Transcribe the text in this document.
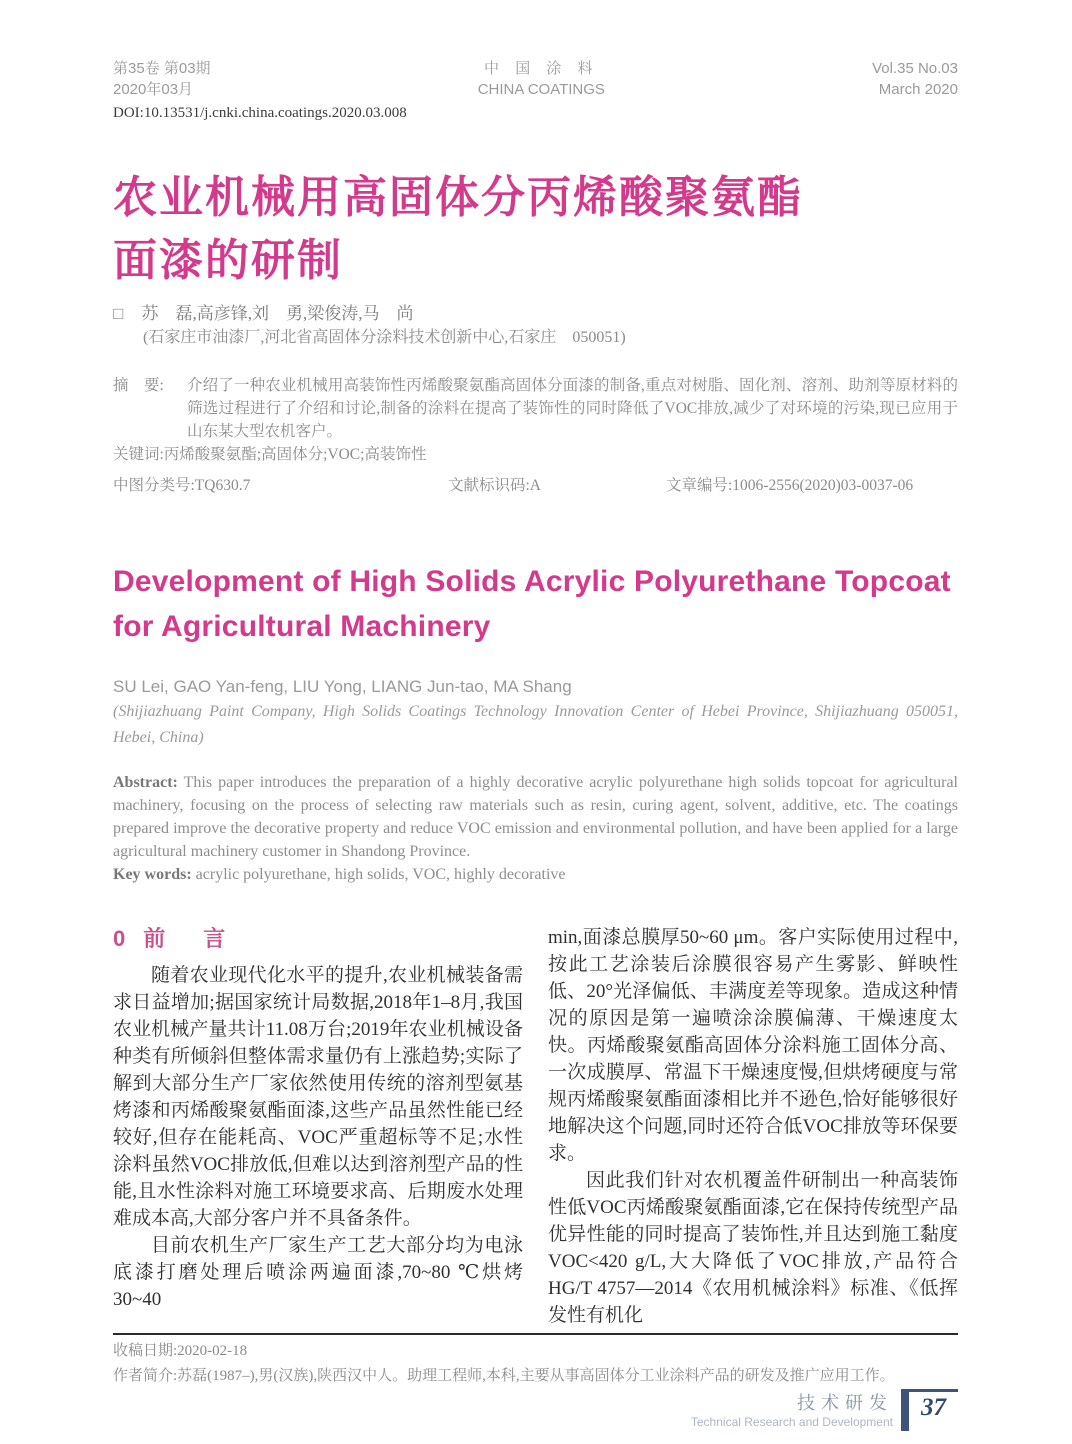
第35卷 第03期
2020年03月
中 国 涂 料
CHINA COATINGS
Vol.35 No.03
March 2020
DOI:10.13531/j.cnki.china.coatings.2020.03.008
农业机械用高固体分丙烯酸聚氨酯
面漆的研制
□ 苏　磊,高彦锋,刘　勇,梁俊涛,马　尚
(石家庄市油漆厂,河北省高固体分涂料技术创新中心,石家庄　050051)
摘　要: 介绍了一种农业机械用高装饰性丙烯酸聚氨酯高固体分面漆的制备,重点对树脂、固化剂、溶剂、助剂等原材料的筛选过程进行了介绍和讨论,制备的涂料在提高了装饰性的同时降低了VOC排放,减少了对环境的污染,现已应用于山东某大型农机客户。
关键词:丙烯酸聚氨酯;高固体分;VOC;高装饰性
中图分类号:TQ630.7	文献标识码:A	文章编号:1006-2556(2020)03-0037-06
Development of High Solids Acrylic Polyurethane Topcoat
for Agricultural Machinery
SU Lei, GAO Yan-feng, LIU Yong, LIANG Jun-tao, MA Shang
(Shijiazhuang Paint Company, High Solids Coatings Technology Innovation Center of Hebei Province, Shijiazhuang 050051, Hebei, China)
Abstract: This paper introduces the preparation of a highly decorative acrylic polyurethane high solids topcoat for agricultural machinery, focusing on the process of selecting raw materials such as resin, curing agent, solvent, additive, etc. The coatings prepared improve the decorative property and reduce VOC emission and environmental pollution, and have been applied for a large agricultural machinery customer in Shandong Province.
Key words: acrylic polyurethane, high solids, VOC, highly decorative
0 前　言

随着农业现代化水平的提升,农业机械装备需求日益增加;据国家统计局数据,2018年1–8月,我国农业机械产量共计11.08万台;2019年农业机械设备种类有所倾斜但整体需求量仍有上涨趋势;实际了解到大部分生产厂家依然使用传统的溶剂型氨基烤漆和丙烯酸聚氨酯面漆,这些产品虽然性能已经较好,但存在能耗高、VOC严重超标等不足;水性涂料虽然VOC排放低,但难以达到溶剂型产品的性能,且水性涂料对施工环境要求高、后期废水处理难成本高,大部分客户并不具备条件。

目前农机生产厂家生产工艺大部分均为电泳底漆打磨处理后喷涂两遍面漆,70~80 ℃烘烤30~40

min,面漆总膜厚50~60 μm。客户实际使用过程中,按此工艺涂装后涂膜很容易产生雾影、鲜映性低、20°光泽偏低、丰满度差等现象。造成这种情况的原因是第一遍喷涂涂膜偏薄、干燥速度太快。丙烯酸聚氨酯高固体分涂料施工固体分高、一次成膜厚、常温下干燥速度慢,但烘烤硬度与常规丙烯酸聚氨酯面漆相比并不逊色,恰好能够很好地解决这个问题,同时还符合低VOC排放等环保要求。

因此我们针对农机覆盖件研制出一种高装饰性低VOC丙烯酸聚氨酯面漆,它在保持传统型产品优异性能的同时提高了装饰性,并且达到施工黏度VOC<420 g/L,大大降低了VOC排放,产品符合HG/T 4757—2014《农用机械涂料》标准、《低挥发性有机化

收稿日期:2020-02-18
作者简介:苏磊(1987–),男(汉族),陕西汉中人。助理工程师,本科,主要从事高固体分工业涂料产品的研发及推广应用工作。
技术研发
Technical Research and Development
37
